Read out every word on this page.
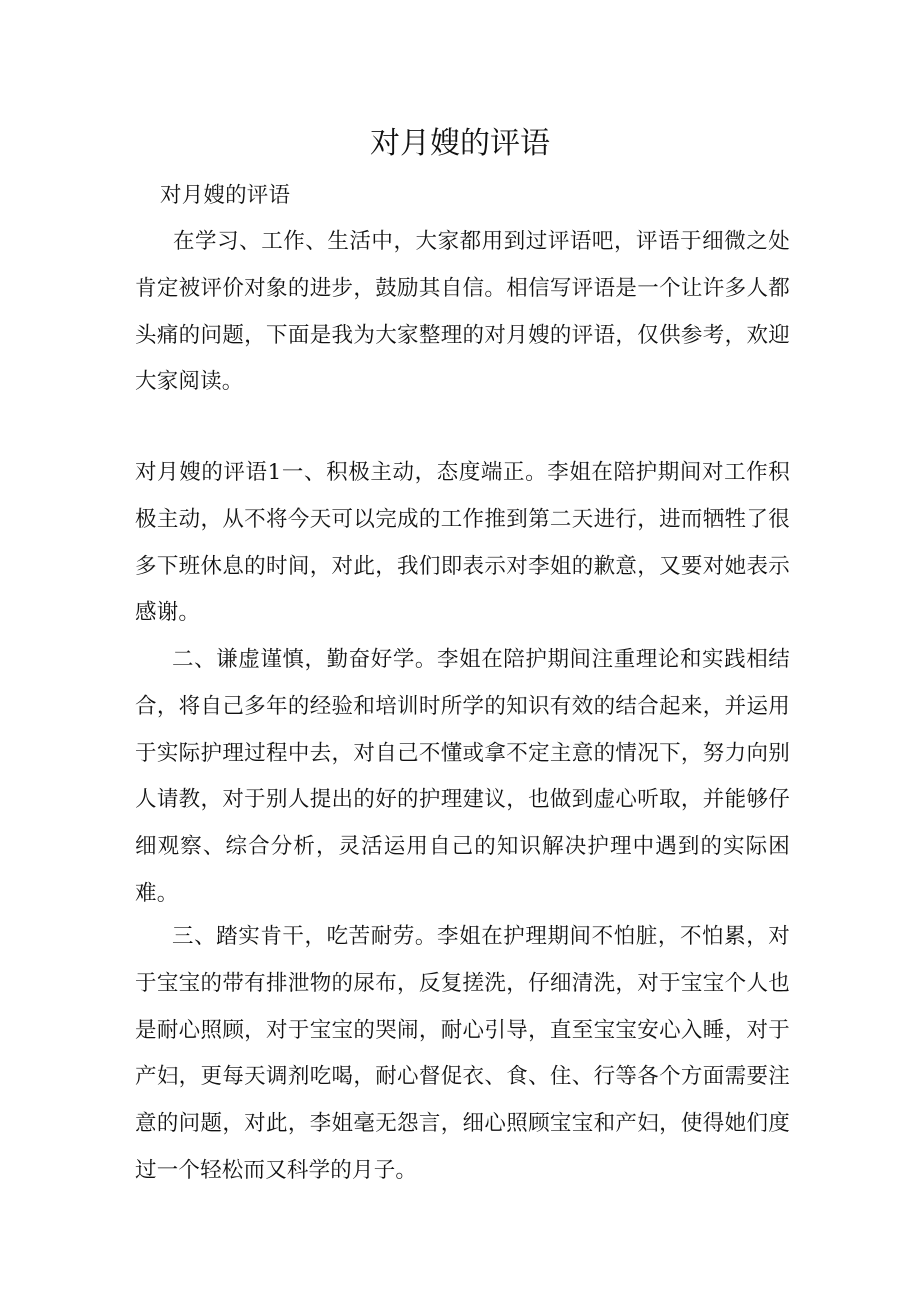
对月嫂的评语

对月嫂的评语

在学习、工作、生活中，大家都用到过评语吧，评语于细微之处肯定被评价对象的进步，鼓励其自信。相信写评语是一个让许多人都头痛的问题，下面是我为大家整理的对月嫂的评语，仅供参考，欢迎大家阅读。

对月嫂的评语1一、积极主动，态度端正。李姐在陪护期间对工作积极主动，从不将今天可以完成的工作推到第二天进行，进而牺牲了很多下班休息的时间，对此，我们即表示对李姐的歉意，又要对她表示感谢。

二、谦虚谨慎，勤奋好学。李姐在陪护期间注重理论和实践相结合，将自己多年的经验和培训时所学的知识有效的结合起来，并运用于实际护理过程中去，对自己不懂或拿不定主意的情况下，努力向别人请教，对于别人提出的好的护理建议，也做到虚心听取，并能够仔细观察、综合分析，灵活运用自己的知识解决护理中遇到的实际困难。

三、踏实肯干，吃苦耐劳。李姐在护理期间不怕脏，不怕累，对于宝宝的带有排泄物的尿布，反复搓洗，仔细清洗，对于宝宝个人也是耐心照顾，对于宝宝的哭闹，耐心引导，直至宝宝安心入睡，对于产妇，更每天调剂吃喝，耐心督促衣、食、住、行等各个方面需要注意的问题，对此，李姐毫无怨言，细心照顾宝宝和产妇，使得她们度过一个轻松而又科学的月子。
